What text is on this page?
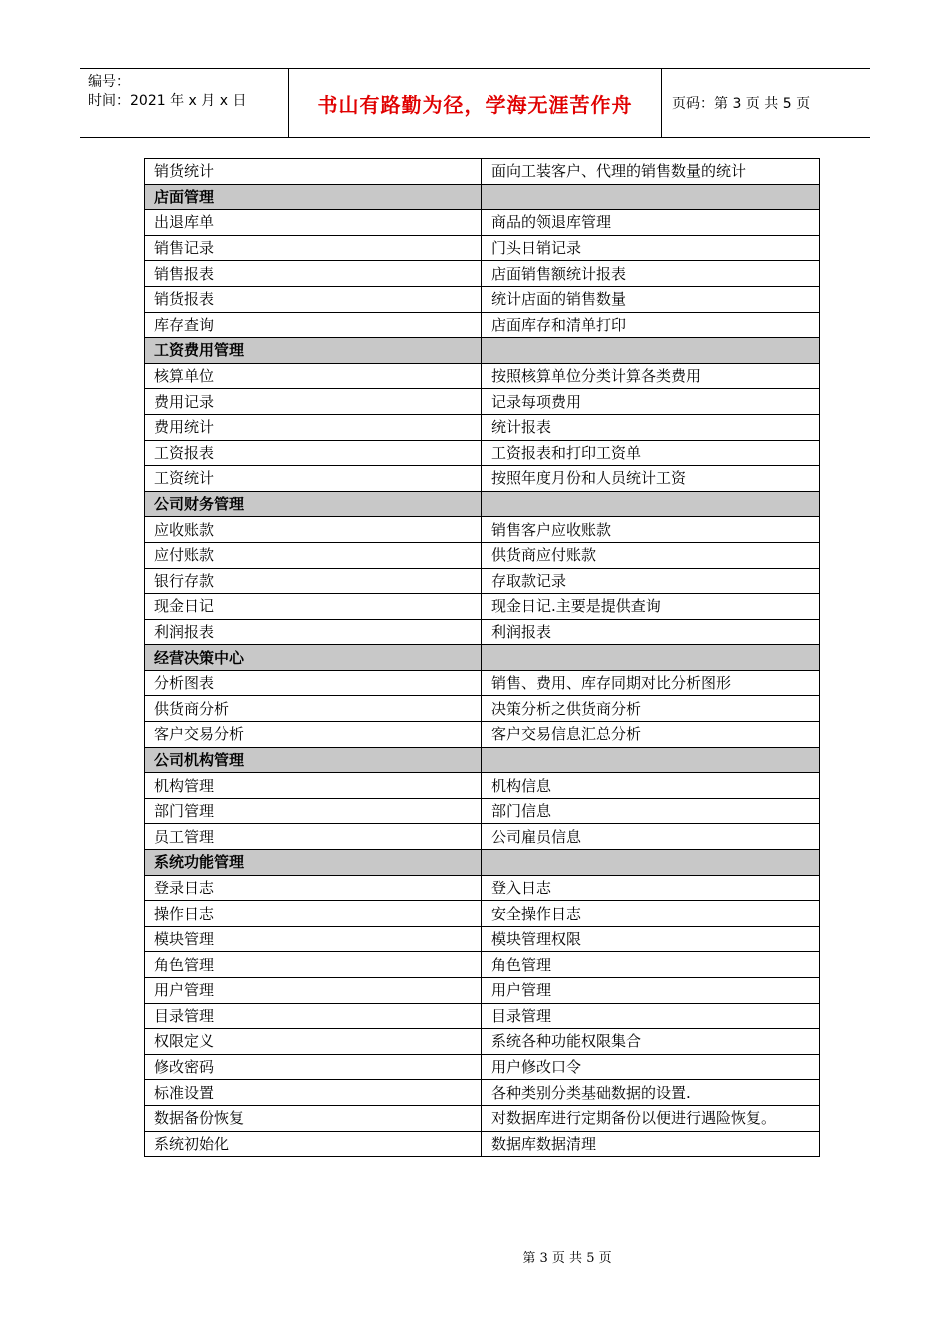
编号：
时间：2021 年 x 月 x 日	书山有路勤为径，学海无涯苦作舟	页码：第 3 页 共 5 页
销货统计	面向工装客户、代理的销售数量的统计
店面管理	
出退库单	商品的领退库管理
销售记录	门头日销记录
销售报表	店面销售额统计报表
销货报表	统计店面的销售数量
库存查询	店面库存和清单打印
工资费用管理	
核算单位	按照核算单位分类计算各类费用
费用记录	记录每项费用
费用统计	统计报表
工资报表	工资报表和打印工资单
工资统计	按照年度月份和人员统计工资
公司财务管理	
应收账款	销售客户应收账款
应付账款	供货商应付账款
银行存款	存取款记录
现金日记	现金日记.主要是提供查询
利润报表	利润报表
经营决策中心	
分析图表	销售、费用、库存同期对比分析图形
供货商分析	决策分析之供货商分析
客户交易分析	客户交易信息汇总分析
公司机构管理	
机构管理	机构信息
部门管理	部门信息
员工管理	公司雇员信息
系统功能管理	
登录日志	登入日志
操作日志	安全操作日志
模块管理	模块管理权限
角色管理	角色管理
用户管理	用户管理
目录管理	目录管理
权限定义	系统各种功能权限集合
修改密码	用户修改口令
标准设置	各种类别分类基础数据的设置.
数据备份恢复	对数据库进行定期备份以便进行遇险恢复。
系统初始化	数据库数据清理
第 3 页 共 5 页
